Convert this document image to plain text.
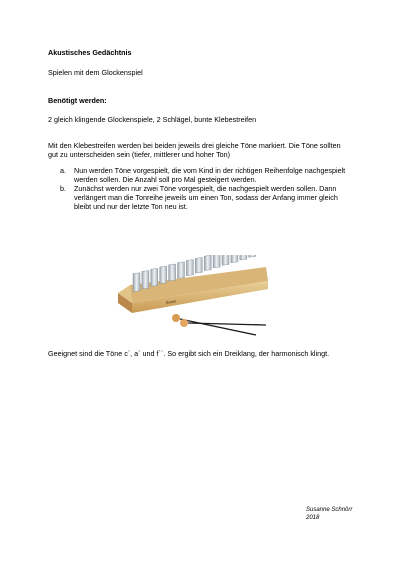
Akustisches Gedächtnis

Spielen mit dem Glockenspiel

Benötigt werden:

2 gleich klingende Glockenspiele, 2 Schlägel, bunte Klebestreifen

Mit den Klebestreifen werden bei beiden jeweils drei gleiche Töne markiert. Die Töne sollten gut zu unterscheiden sein (tiefer, mittlerer und hoher Ton)

a. Nun werden Töne vorgespielt, die vom Kind in der richtigen Reihenfolge nachgespielt werden sollen. Die Anzahl soll pro Mal gesteigert werden.
b. Zunächst werden nur zwei Töne vorgespielt, die nachgespielt werden sollen. Dann verlängert man die Tonreihe jeweils um einen Ton, sodass der Anfang immer gleich bleibt und nur der letzte Ton neu ist.
Sonor

Geeignet sind die Töne c`, a` und f``. So ergibt sich ein Dreiklang, der harmonisch klingt.

Susanne Schnörr
2018
